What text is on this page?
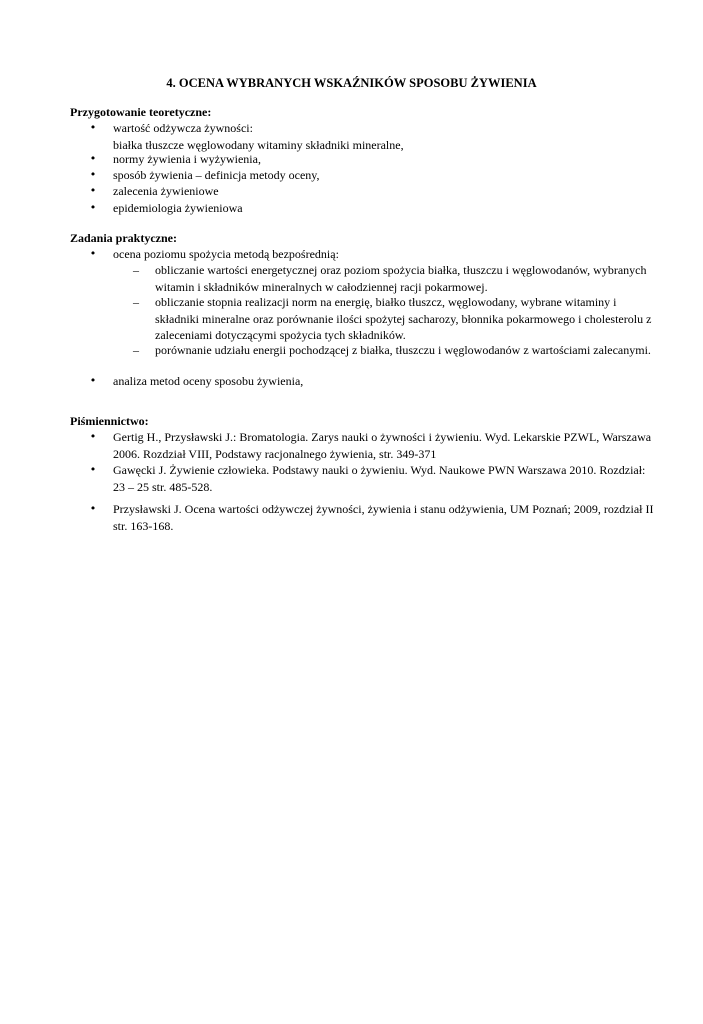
4. OCENA WYBRANYCH WSKAŹNIKÓW SPOSOBU ŻYWIENIA
Przygotowanie teoretyczne:
• wartość odżywcza żywności:
białka tłuszcze węglowodany witaminy składniki mineralne,
• normy żywienia i wyżywienia,
• sposób żywienia – definicja metody oceny,
• zalecenia żywieniowe
• epidemiologia żywieniowa
Zadania praktyczne:
• ocena poziomu spożycia metodą bezpośrednią:
– obliczanie wartości energetycznej oraz poziom spożycia białka, tłuszczu i węglowodanów, wybranych
witamin i składników mineralnych w całodziennej racji pokarmowej.
– obliczanie stopnia realizacji norm na energię, białko tłuszcz, węglowodany, wybrane witaminy i
składniki mineralne oraz porównanie ilości spożytej sacharozy, błonnika pokarmowego i cholesterolu z
zaleceniami dotyczącymi spożycia tych składników.
– porównanie udziału energii pochodzącej z białka, tłuszczu i węglowodanów z wartościami zalecanymi.
• analiza metod oceny sposobu żywienia,
Piśmiennictwo:
• Gertig H., Przysławski J.: Bromatologia. Zarys nauki o żywności i żywieniu. Wyd. Lekarskie PZWL, Warszawa
2006. Rozdział VIII, Podstawy racjonalnego żywienia, str. 349-371
• Gawęcki J. Żywienie człowieka. Podstawy nauki o żywieniu. Wyd. Naukowe PWN Warszawa 2010. Rozdział:
23 – 25 str. 485-528.
• Przysławski J. Ocena wartości odżywczej żywności, żywienia i stanu odżywienia, UM Poznań; 2009, rozdział II
str. 163-168.
